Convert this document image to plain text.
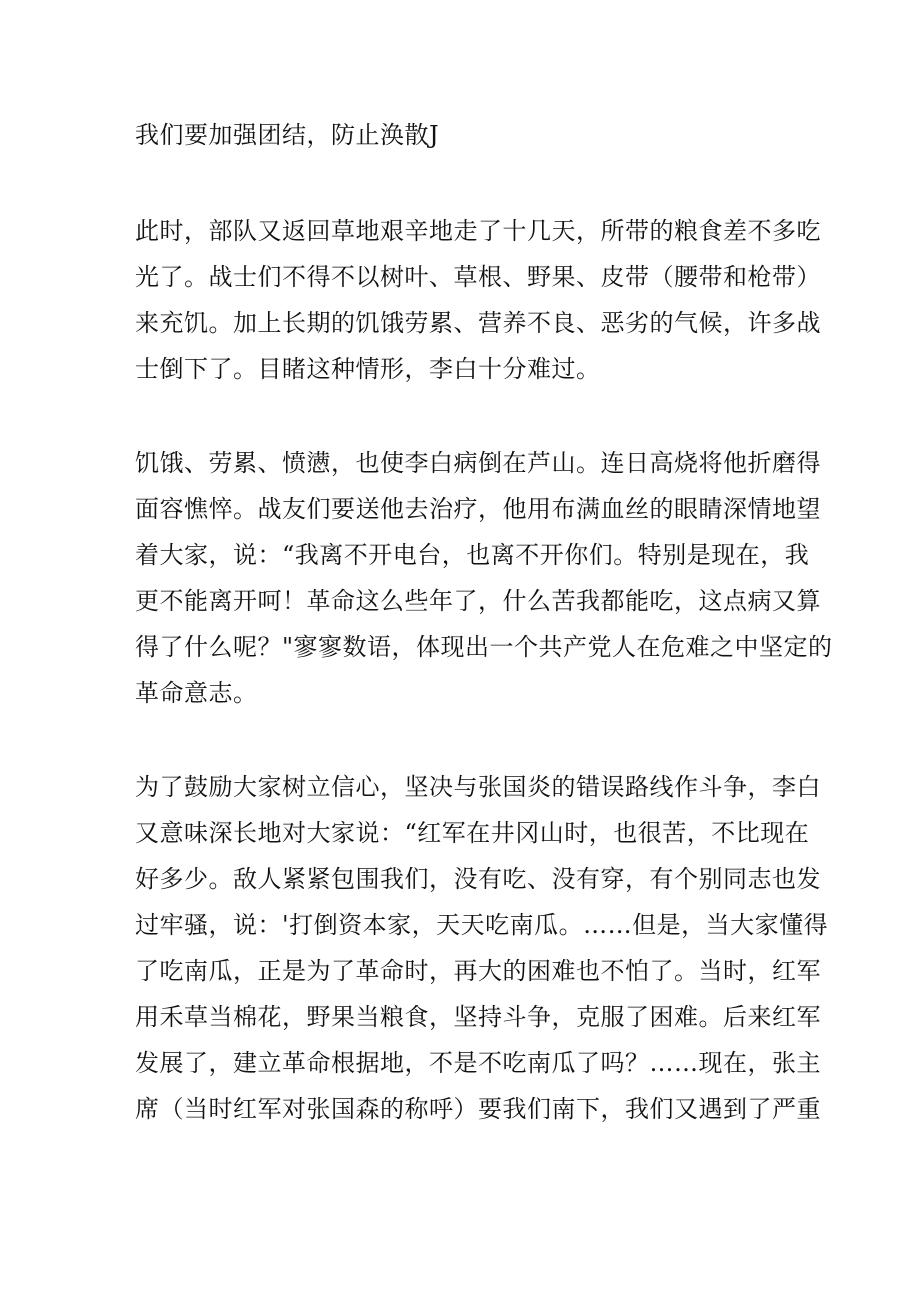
我们要加强团结，防止涣散J

此时，部队又返回草地艰辛地走了十几天，所带的粮食差不多吃
光了。战士们不得不以树叶、草根、野果、皮带（腰带和枪带）
来充饥。加上长期的饥饿劳累、营养不良、恶劣的气候，许多战
士倒下了。目睹这种情形，李白十分难过。

饥饿、劳累、愤懑，也使李白病倒在芦山。连日高烧将他折磨得
面容憔悴。战友们要送他去治疗，他用布满血丝的眼睛深情地望
着大家，说：“我离不开电台，也离不开你们。特别是现在，我
更不能离开呵！革命这么些年了，什么苦我都能吃，这点病又算
得了什么呢？"寥寥数语，体现出一个共产党人在危难之中坚定的
革命意志。

为了鼓励大家树立信心，坚决与张国炎的错误路线作斗争，李白
又意味深长地对大家说：“红军在井冈山时，也很苦，不比现在
好多少。敌人紧紧包围我们，没有吃、没有穿，有个别同志也发
过牢骚，说：'打倒资本家，天天吃南瓜。……但是，当大家懂得
了吃南瓜，正是为了革命时，再大的困难也不怕了。当时，红军
用禾草当棉花，野果当粮食，坚持斗争，克服了困难。后来红军
发展了，建立革命根据地，不是不吃南瓜了吗？……现在，张主
席（当时红军对张国森的称呼）要我们南下，我们又遇到了严重
